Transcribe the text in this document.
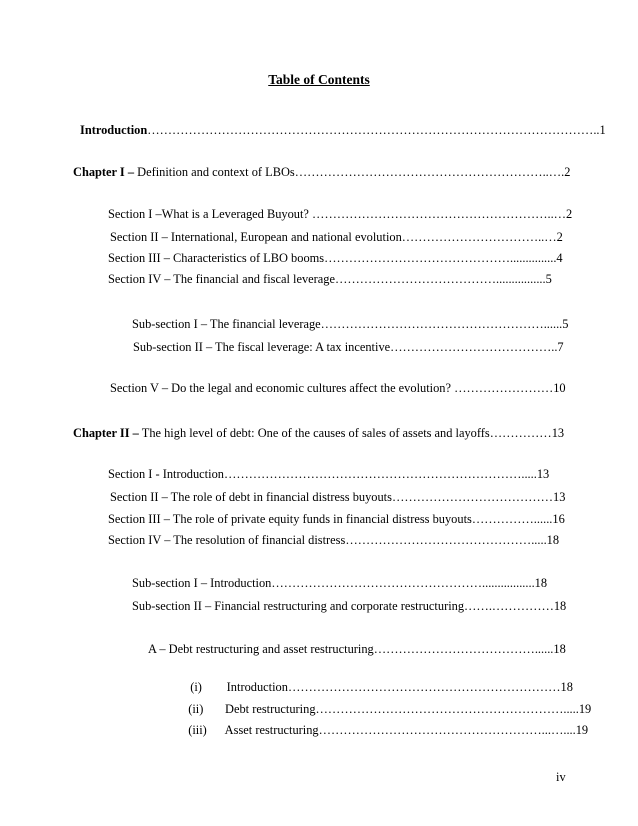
Table of Contents
Introduction………………………………………………………………………………………………..1
Chapter I – Definition and context of LBOs……………………………………………………..….2
Section I –What is a Leveraged Buyout? …………………………………………………..…2
Section II – International, European and national evolution……………………………..…2
Section III – Characteristics of LBO booms………………………………………...............4
Section IV – The financial and fiscal leverage…………………………………................5
Sub-section I – The financial leverage………………………………………………......5
Sub-section II – The fiscal leverage: A tax incentive…………………………………..7
Section V – Do the legal and economic cultures affect the evolution? ……………………10
Chapter II – The high level of debt: One of the causes of sales of assets and layoffs……………13
Section I - Introduction……………………………………………………………….....13
Section II – The role of debt in financial distress buyouts…………………………………13
Section III – The role of private equity funds in financial distress buyouts……………......16
Section IV – The resolution of financial distress……………………………………….....18
Sub-section I – Introduction…………………………………………….................18
Sub-section II – Financial restructuring and corporate restructuring…….……………18
A – Debt restructuring and asset restructuring…………………………………......18

(i)        Introduction…………………………………………………………18

(ii)       Debt restructuring…………………………………………………….....19

(iii)      Asset restructuring………………………………………………...…....19

iv
